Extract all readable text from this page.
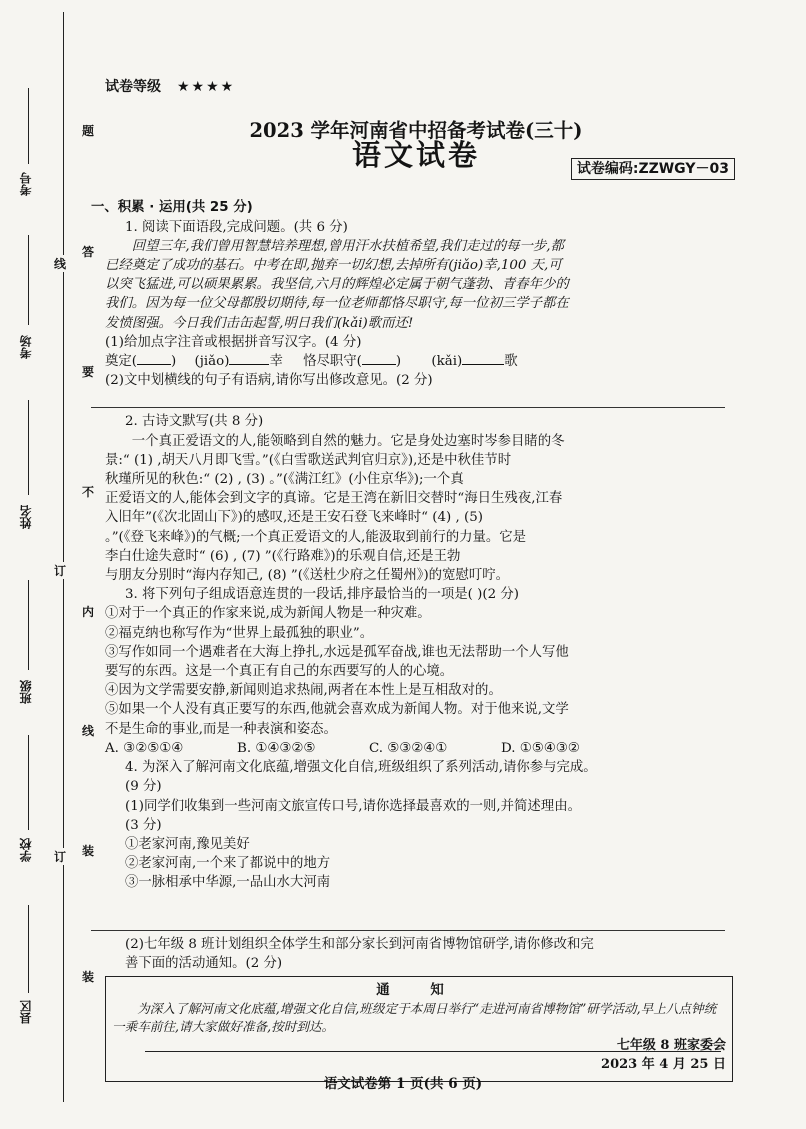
题
答
要
不
内
线
装
装
线
订
订
考号
考场
姓名
班级
学校
县区
试卷等级 ★★★★
2023 学年河南省中招备考试卷(三十)
语文试卷	试卷编码:ZZWGY－03
一、积累 · 运用(共 25 分)
1. 阅读下面语段,完成问题。(共 6 分)
回望三年,我们曾用智慧培养理想,曾用汗水扶植希望,我们走过的每一步,都
已经奠定了成功的基石。中考在即,抛弃一切幻想,去掉所有(jiǎo)幸,100 天,可
以突飞猛进,可以硕果累累。我坚信,六月的辉煌必定属于朝气蓬勃、青春年少的
我们。因为每一位父母都殷切期待,每一位老师都恪尽职守,每一位初三学子都在
发愤图强。今日我们击缶起誓,明日我们(kǎi)歌而还!
(1)给加点字注音或根据拼音写汉字。(4 分)
奠定(	) (jiǎo)	幸 恪尽职守(	) (kǎi)	歌
(2)文中划横线的句子有语病,请你写出修改意见。(2 分)
2. 古诗文默写(共 8 分)
一个真正爱语文的人,能领略到自然的魅力。它是身处边塞时岑参目睹的冬
景:“ (1) ,胡天八月即飞雪。”(《白雪歌送武判官归京》),还是中秋佳节时
秋瑾所见的秋色:“ (2) , (3) 。”(《满江红》(小住京华》);一个真
正爱语文的人,能体会到文字的真谛。它是王湾在新旧交替时“海日生残夜,江春
入旧年”(《次北固山下》)的感叹,还是王安石登飞来峰时“ (4) , (5)
。”(《登飞来峰》)的气概;一个真正爱语文的人,能汲取到前行的力量。它是
李白仕途失意时“ (6) , (7) ”(《行路难》)的乐观自信,还是王勃
与朋友分别时“海内存知己, (8) ”(《送杜少府之任蜀州》)的宽慰叮咛。
3. 将下列句子组成语意连贯的一段话,排序最恰当的一项是( )(2 分)
①对于一个真正的作家来说,成为新闻人物是一种灾难。
②福克纳也称写作为“世界上最孤独的职业”。
③写作如同一个遇难者在大海上挣扎,水远是孤军奋战,谁也无法帮助一个人写他
要写的东西。这是一个真正有自己的东西要写的人的心境。
④因为文学需要安静,新闻则追求热闹,两者在本性上是互相敌对的。
⑤如果一个人没有真正要写的东西,他就会喜欢成为新闻人物。对于他来说,文学
不是生命的事业,而是一种表演和姿态。
A. ③②⑤①④	B. ①④③②⑤	C. ⑤③②④①	D. ①⑤④③②
4. 为深入了解河南文化底蕴,增强文化自信,班级组织了系列活动,请你参与完成。
(9 分)
(1)同学们收集到一些河南文旅宣传口号,请你选择最喜欢的一则,并简述理由。
(3 分)
①老家河南,豫见美好
②老家河南,一个来了都说中的地方
③一脉相承中华源,一品山水大河南
(2)七年级 8 班计划组织全体学生和部分家长到河南省博物馆研学,请你修改和完
善下面的活动通知。(2 分)
通 知
为深入了解河南文化底蕴,增强文化自信,班级定于本周日举行“走进河南省博物馆”研学活动,早上八点钟统一乘车前往,请大家做好准备,按时到达。
七年级 8 班家委会
2023 年 4 月 25 日
语文试卷第 1 页(共 6 页)
